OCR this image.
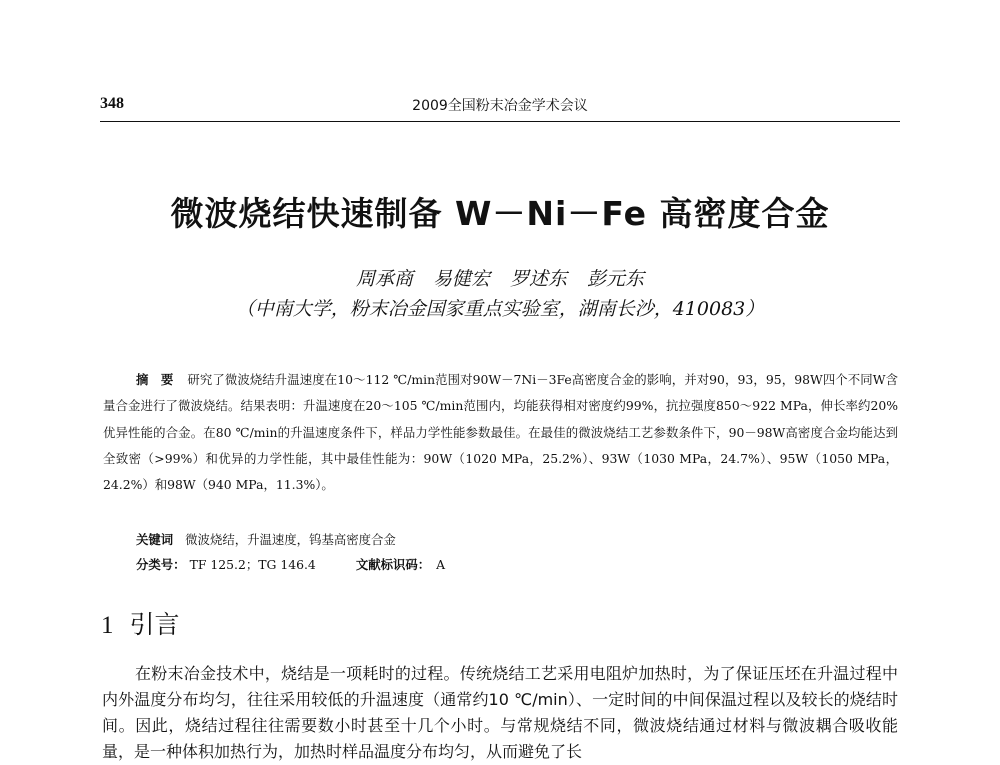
348	2009全国粉末冶金学术会议
微波烧结快速制备 W－Ni－Fe 高密度合金
周承商 易健宏 罗述东 彭元东
（中南大学，粉末冶金国家重点实验室，湖南长沙，410083）
摘 要 研究了微波烧结升温速度在10～112 ℃/min范围对90W－7Ni－3Fe高密度合金的影响，并对90，93，95，98W四个不同W含量合金进行了微波烧结。结果表明：升温速度在20～105 ℃/min范围内，均能获得相对密度约99%，抗拉强度850～922 MPa，伸长率约20%优异性能的合金。在80 ℃/min的升温速度条件下，样品力学性能参数最佳。在最佳的微波烧结工艺参数条件下，90－98W高密度合金均能达到全致密（>99%）和优异的力学性能，其中最佳性能为：90W（1020 MPa，25.2%）、93W（1030 MPa，24.7%）、95W（1050 MPa，24.2%）和98W（940 MPa，11.3%）。
关键词 微波烧结，升温速度，钨基高密度合金
分类号： TF 125.2；TG 146.4	文献标识码： A
1 引言
在粉末冶金技术中，烧结是一项耗时的过程。传统烧结工艺采用电阻炉加热时，为了保证压坯在升温过程中内外温度分布均匀，往往采用较低的升温速度（通常约10 ℃/min）、一定时间的中间保温过程以及较长的烧结时间。因此，烧结过程往往需要数小时甚至十几个小时。与常规烧结不同，微波烧结通过材料与微波耦合吸收能量，是一种体积加热行为，加热时样品温度分布均匀，从而避免了长
